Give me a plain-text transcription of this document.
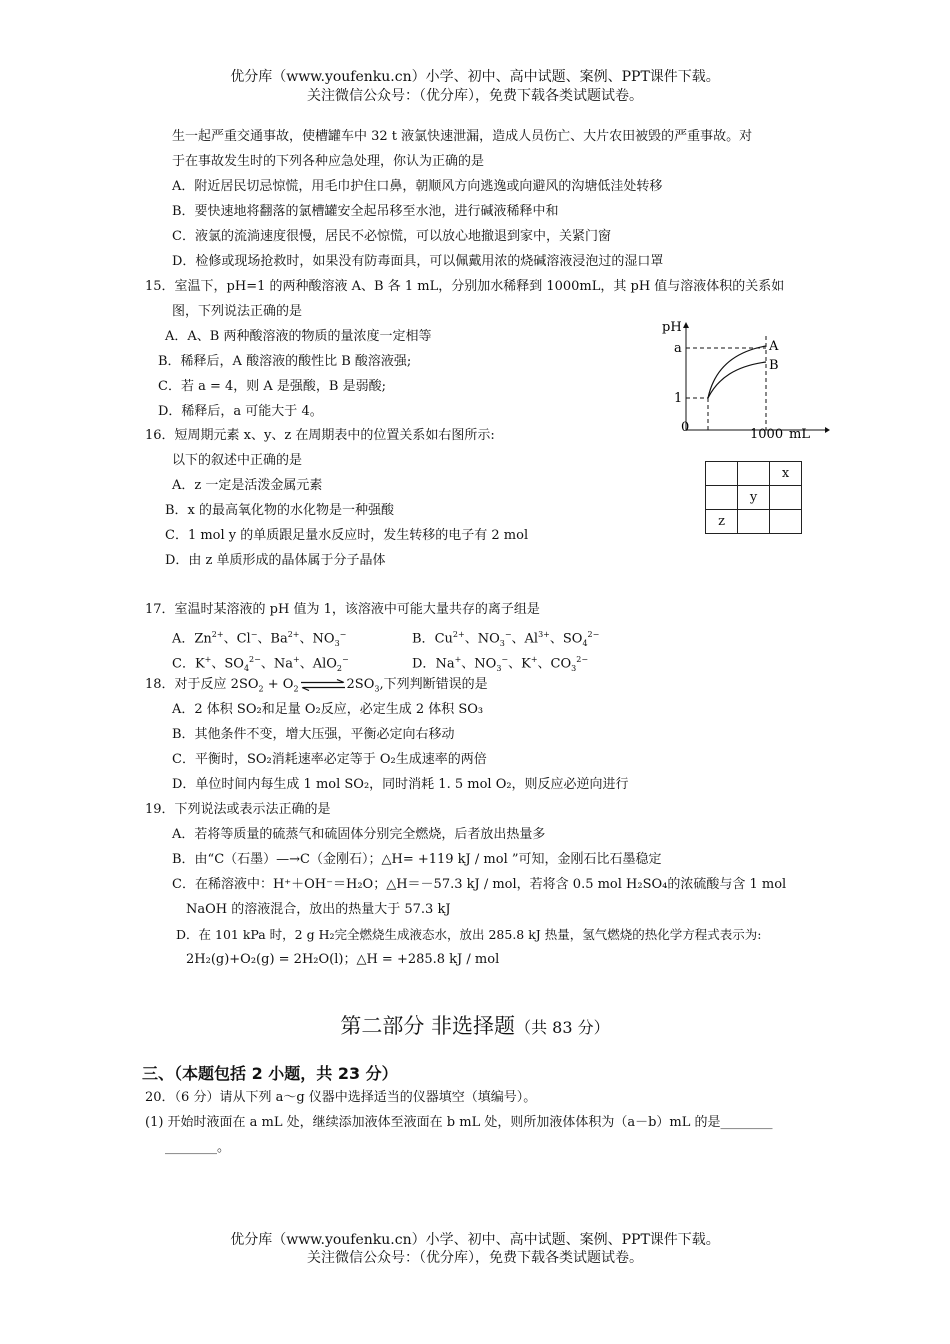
优分库（www.youfenku.cn）小学、初中、高中试题、案例、PPT课件下载。
关注微信公众号：（优分库），免费下载各类试题试卷。
生一起严重交通事故，使槽罐车中 32 t 液氯快速泄漏，造成人员伤亡、大片农田被毁的严重事故。对
于在事故发生时的下列各种应急处理，你认为正确的是
A．附近居民切忌惊慌，用毛巾护住口鼻，朝顺风方向逃逸或向避风的沟塘低洼处转移
B．要快速地将翻落的氯槽罐安全起吊移至水池，进行碱液稀释中和
C．液氯的流淌速度很慢，居民不必惊慌，可以放心地撤退到家中，关紧门窗
D．检修或现场抢救时，如果没有防毒面具，可以佩戴用浓的烧碱溶液浸泡过的湿口罩
15．室温下，pH=1 的两种酸溶液 A、B 各 1 mL，分别加水稀释到 1000mL，其 pH 值与溶液体积的关系如
图，下列说法正确的是
A．A、B 两种酸溶液的物质的量浓度一定相等
B．稀释后，A 酸溶液的酸性比 B 酸溶液强;
C．若 a = 4，则 A 是强酸，B 是弱酸;
D．稀释后，a 可能大于 4。
pH
a
1
0	1000 mL
A
B
16．短周期元素 x、y、z 在周期表中的位置关系如右图所示:
以下的叙述中正确的是
A．z 一定是活泼金属元素
B．x 的最高氧化物的水化物是一种强酸
C．1 mol y 的单质跟足量水反应时，发生转移的电子有 2 mol
D．由 z 单质形成的晶体属于分子晶体
		x
	y	
z		
17．室温时某溶液的 pH 值为 1，该溶液中可能大量共存的离子组是
A．$Zn^{2+}$、Cl−、$Ba^{2+}$、$NO_3^-$	B．$Cu^{2+}$、$NO_3^-$、$Al^{3+}$、$SO_4^{2-}$
C．K+、$SO_4^{2-}$、Na+、AlO$_2$−	D．Na+、$NO_3^-$、K+、$CO_3^{2-}$
18．对于反应 $2SO_2$ + $O_2\rightleftharpoons 2SO_3$,下列判断错误的是
A．2 体积 SO₂和足量 O₂反应，必定生成 2 体积 SO₃
B．其他条件不变，增大压强，平衡必定向右移动
C．平衡时，SO₂消耗速率必定等于 O₂生成速率的两倍
D．单位时间内每生成 1 mol SO₂，同时消耗 1. 5 mol O₂，则反应必逆向进行
19．下列说法或表示法正确的是
A．若将等质量的硫蒸气和硫固体分别完全燃烧，后者放出热量多
B．由“C（石墨）—→C（金刚石）；△H= +119 kJ / mol ”可知，金刚石比石墨稳定
C．在稀溶液中：H⁺＋OH⁻＝H₂O；△H＝－57.3 kJ / mol，若将含 0.5 mol H₂SO₄的浓硫酸与含 1 mol
NaOH 的溶液混合，放出的热量大于 57.3 kJ
D．在 101 kPa 时，2 g H₂完全燃烧生成液态水，放出 285.8 kJ 热量，氢气燃烧的热化学方程式表示为:
2H₂(g)+O₂(g) = 2H₂O(l)；△H = +285.8 kJ / mol
第二部分 非选择题（共 83 分）
三、（本题包括 2 小题，共 23 分）
20．（6 分）请从下列 a～g 仪器中选择适当的仪器填空（填编号）。
(1) 开始时液面在 a mL 处，继续添加液体至液面在 b mL 处，则所加液体体积为（a－b）mL 的是________
________。
优分库（www.youfenku.cn）小学、初中、高中试题、案例、PPT课件下载。
关注微信公众号：（优分库），免费下载各类试题试卷。
